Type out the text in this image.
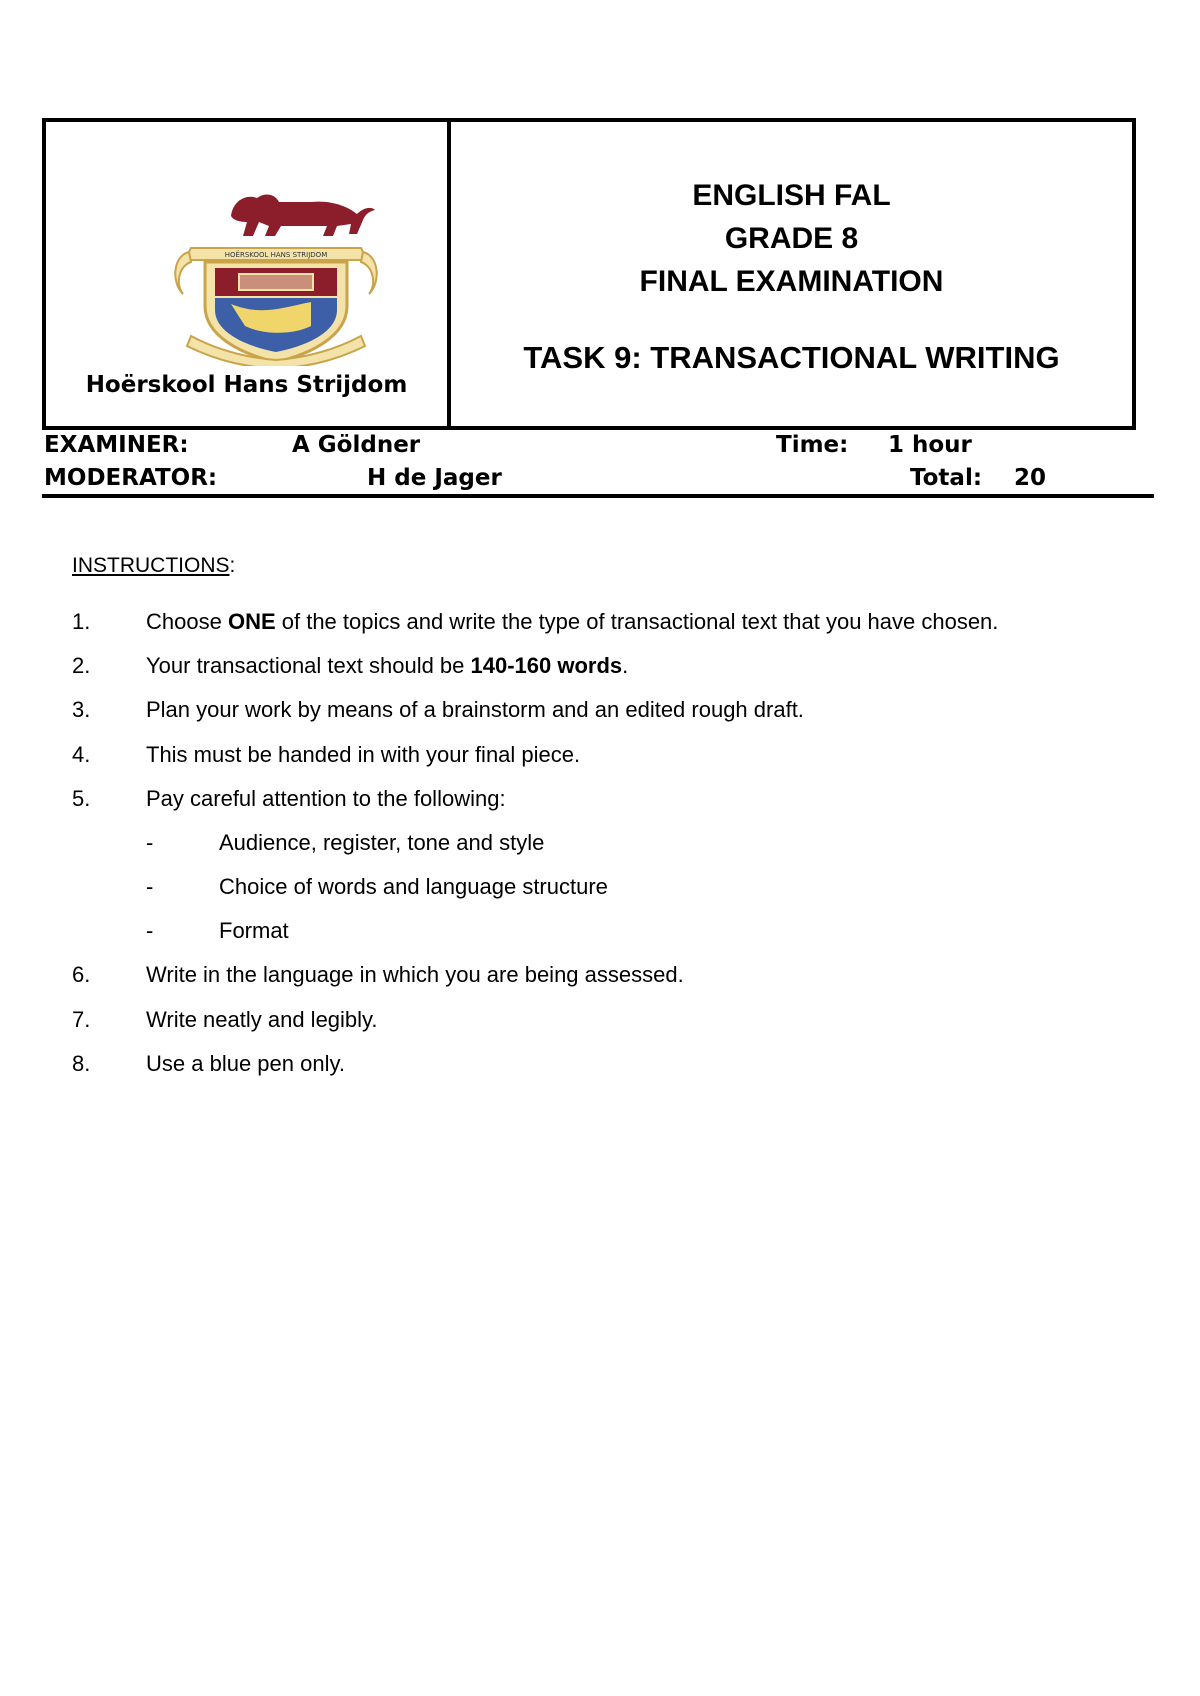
HOËRSKOOL HANS STRIJDOM
Hoërskool Hans Strijdom
ENGLISH FAL
GRADE 8
FINAL EXAMINATION
TASK 9: TRANSACTIONAL WRITING
EXAMINER:	A Göldner	Time: 1 hour
MODERATOR:	H de Jager	Total: 20
INSTRUCTIONS:
1.	Choose ONE of the topics and write the type of transactional text that you have chosen.
2.	Your transactional text should be 140-160 words.
3.	Plan your work by means of a brainstorm and an edited rough draft.
4.	This must be handed in with your final piece.
5.	Pay careful attention to the following:
-	Audience, register, tone and style
-	Choice of words and language structure
-	Format
6.	Write in the language in which you are being assessed.
7.	Write neatly and legibly.
8.	Use a blue pen only.
